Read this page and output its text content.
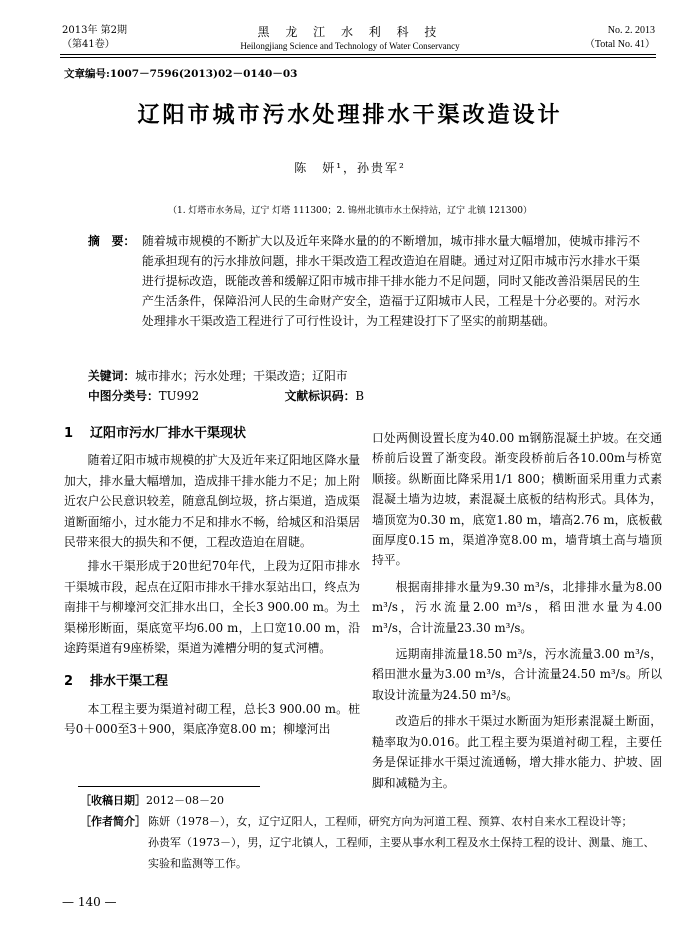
2013年 第2期
（第41卷）
黑 龙 江 水 利 科 技
Heilongjiang Science and Technology of Water Conservancy
No. 2. 2013
（Total No. 41）
文章编号:1007－7596(2013)02－0140－03
辽阳市城市污水处理排水干渠改造设计
陈　妍¹，孙贵军²
（1. 灯塔市水务局，辽宁 灯塔 111300；2. 锦州北镇市水土保持站，辽宁 北镇 121300）
摘　要： 随着城市规模的不断扩大以及近年来降水量的的不断增加，城市排水量大幅增加，使城市排污不能承担现有的污水排放问题，排水干渠改造工程改造迫在眉睫。通过对辽阳市城市污水排水干渠进行提标改造，既能改善和缓解辽阳市城市排干排水能力不足问题，同时又能改善沿渠居民的生产生活条件，保障沿河人民的生命财产安全，造福于辽阳城市人民，工程是十分必要的。对污水处理排水干渠改造工程进行了可行性设计，为工程建设打下了坚实的前期基础。
关键词：城市排水；污水处理；干渠改造；辽阳市
中图分类号：TU992	文献标识码：B
1 辽阳市污水厂排水干渠现状

随着辽阳市城市规模的扩大及近年来辽阳地区降水量加大，排水量大幅增加，造成排干排水能力不足；加上附近农户公民意识较差，随意乱倒垃圾，挤占渠道，造成渠道断面缩小，过水能力不足和排水不畅，给城区和沿渠居民带来很大的损失和不便，工程改造迫在眉睫。

排水干渠形成于20世纪70年代，上段为辽阳市排水干渠城市段，起点在辽阳市排水干排水泵站出口，终点为南排干与柳壕河交汇排水出口，全长3 900.00 m。为土渠梯形断面，渠底宽平均6.00 m，上口宽10.00 m，沿途跨渠道有9座桥梁，渠道为滩槽分明的复式河槽。

2 排水干渠工程

本工程主要为渠道衬砌工程，总长3 900.00 m。桩号0＋000至3＋900，渠底净宽8.00 m；柳壕河出

口处两侧设置长度为40.00 m钢筋混凝土护坡。在交通桥前后设置了渐变段。渐变段桥前后各10.00m与桥宽顺接。纵断面比降采用1/1 800；横断面采用重力式素混凝土墙为边坡，素混凝土底板的结构形式。具体为，墙顶宽为0.30 m，底宽1.80 m，墙高2.76 m，底板截面厚度0.15 m，渠道净宽8.00 m，墙背填土高与墙顶持平。

根据南排排水量为9.30 m³/s，北排排水量为8.00 m³/s，污水流量2.00 m³/s，稻田泄水量为4.00 m³/s，合计流量23.30 m³/s。

远期南排流量18.50 m³/s，污水流量3.00 m³/s，稻田泄水量为3.00 m³/s，合计流量24.50 m³/s。所以取设计流量为24.50 m³/s。

改造后的排水干渠过水断面为矩形素混凝土断面，糙率取为0.016。此工程主要为渠道衬砌工程，主要任务是保证排水干渠过流通畅，增大排水能力、护坡、固脚和减糙为主。

［收稿日期］2012－08－20
［作者简介］ 陈妍（1978－），女，辽宁辽阳人，工程师，研究方向为河道工程、预算、农村自来水工程设计等；
孙贵军（1973－），男，辽宁北镇人，工程师，主要从事水利工程及水土保持工程的设计、测量、施工、实验和监测等工作。
— 140 —
